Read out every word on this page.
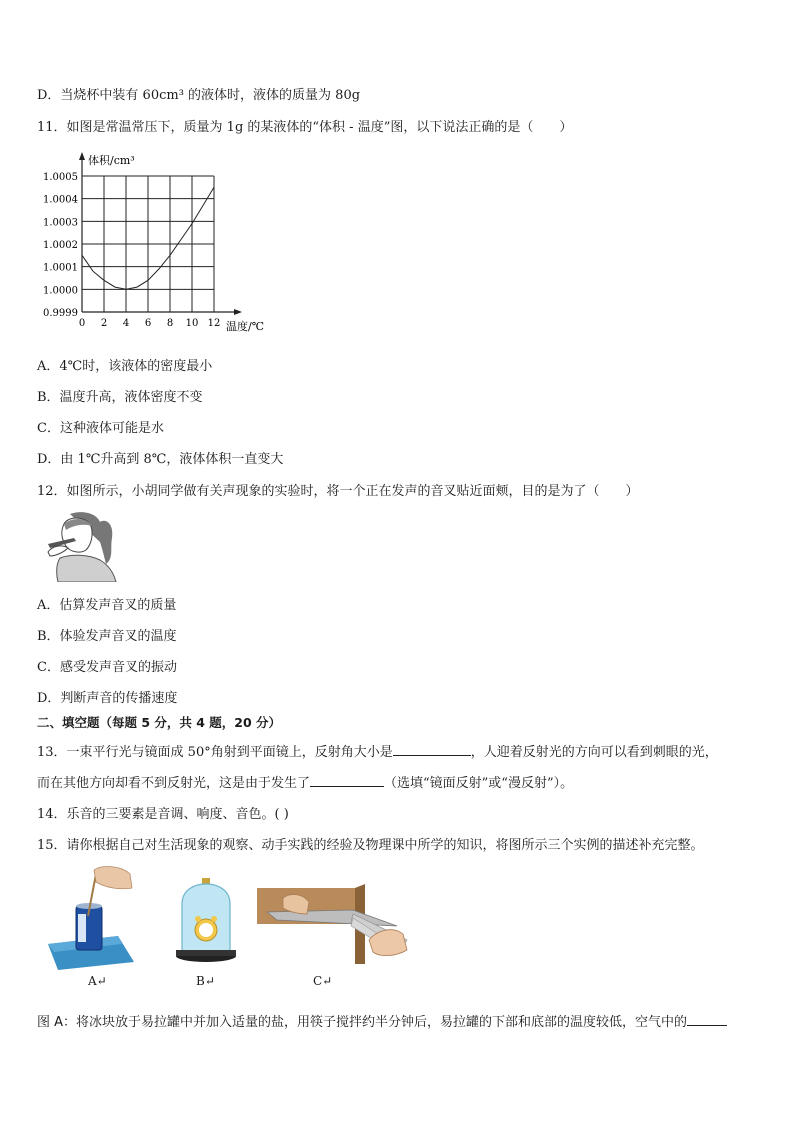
D．当烧杯中装有 60cm³ 的液体时，液体的质量为 80g
11．如图是常温常压下，质量为 1g 的某液体的“体积 - 温度”图，以下说法正确的是（　　）
体积/cm³
温度/℃
0.9999
1.0000
1.0001
1.0002
1.0003
1.0004
1.0005
0 2 4 6 8 10 12
A．4℃时，该液体的密度最小
B．温度升高，液体密度不变
C．这种液体可能是水
D．由 1℃升高到 8℃，液体体积一直变大
12．如图所示，小胡同学做有关声现象的实验时，将一个正在发声的音叉贴近面颊，目的是为了（　　）
A．估算发声音叉的质量
B．体验发声音叉的温度
C．感受发声音叉的振动
D．判断声音的传播速度
二、填空题（每题 5 分，共 4 题，20 分）
13．一束平行光与镜面成 50°角射到平面镜上，反射角大小是	，人迎着反射光的方向可以看到刺眼的光，
而在其他方向却看不到反射光，这是由于发生了	（选填“镜面反射”或“漫反射”）。
14．乐音的三要素是音调、响度、音色。( )
15．请你根据自己对生活现象的观察、动手实践的经验及物理课中所学的知识，将图所示三个实例的描述补充完整。
A↵	B↵	C↵
图 A：将冰块放于易拉罐中并加入适量的盐，用筷子搅拌约半分钟后，易拉罐的下部和底部的温度较低，空气中的
